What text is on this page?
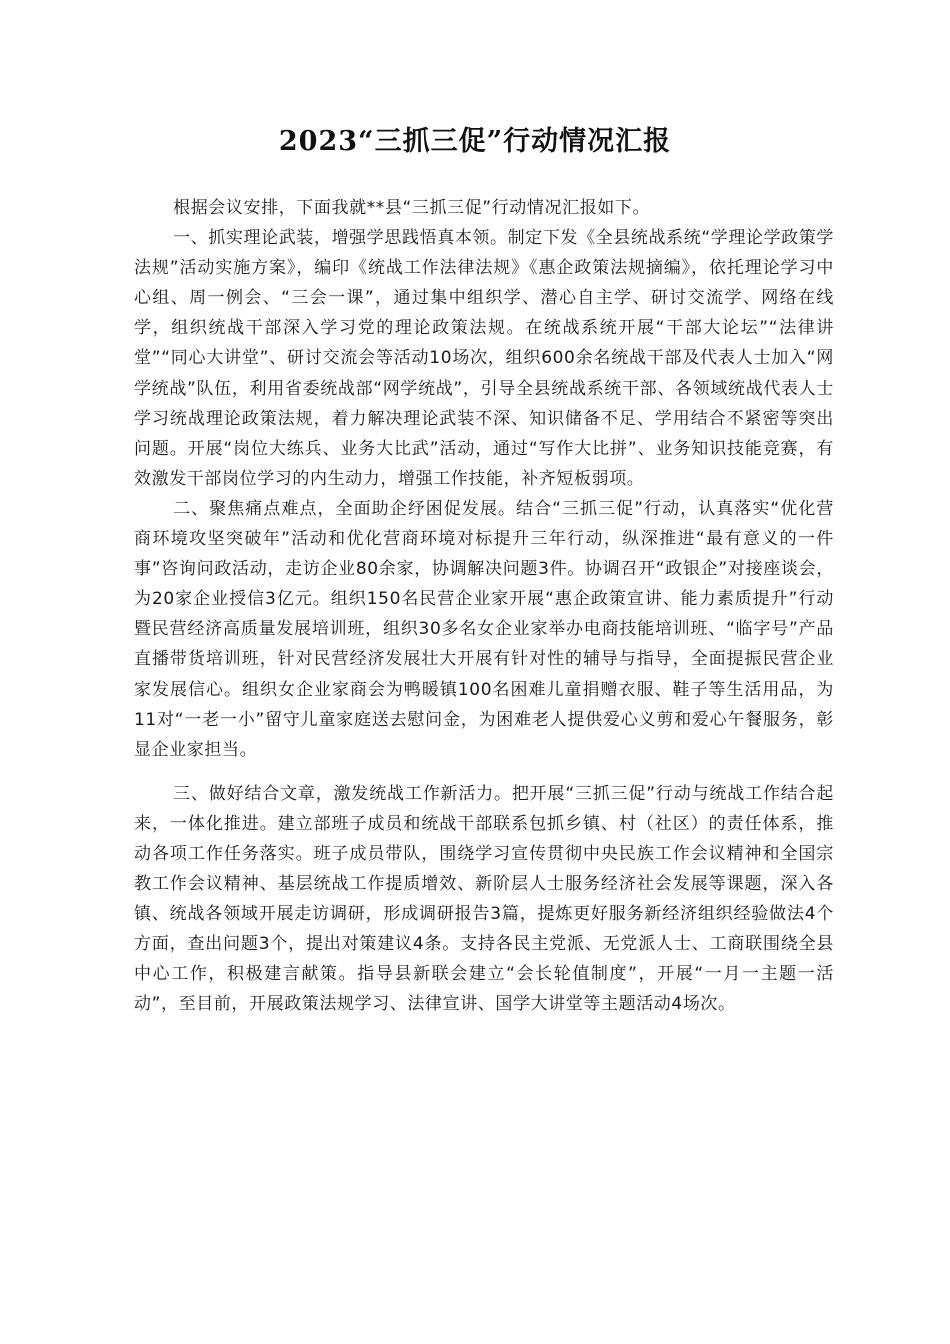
2023“三抓三促”行动情况汇报

根据会议安排，下面我就**县“三抓三促”行动情况汇报如下。

一、抓实理论武装，增强学思践悟真本领。制定下发《全县统战系统“学理论学政策学法规”活动实施方案》，编印《统战工作法律法规》《惠企政策法规摘编》，依托理论学习中心组、周一例会、“三会一课”，通过集中组织学、潜心自主学、研讨交流学、网络在线学，组织统战干部深入学习党的理论政策法规。在统战系统开展“干部大论坛”“法律讲堂”“同心大讲堂”、研讨交流会等活动10场次，组织600余名统战干部及代表人士加入“网学统战”队伍，利用省委统战部“网学统战”，引导全县统战系统干部、各领域统战代表人士学习统战理论政策法规，着力解决理论武装不深、知识储备不足、学用结合不紧密等突出问题。开展“岗位大练兵、业务大比武”活动，通过“写作大比拼”、业务知识技能竞赛，有效激发干部岗位学习的内生动力，增强工作技能，补齐短板弱项。

二、聚焦痛点难点，全面助企纾困促发展。结合“三抓三促”行动，认真落实“优化营商环境攻坚突破年”活动和优化营商环境对标提升三年行动，纵深推进“最有意义的一件事”咨询问政活动，走访企业80余家，协调解决问题3件。协调召开“政银企”对接座谈会，为20家企业授信3亿元。组织150名民营企业家开展“惠企政策宣讲、能力素质提升”行动暨民营经济高质量发展培训班，组织30多名女企业家举办电商技能培训班、“临字号”产品直播带货培训班，针对民营经济发展壮大开展有针对性的辅导与指导，全面提振民营企业家发展信心。组织女企业家商会为鸭暖镇100名困难儿童捐赠衣服、鞋子等生活用品，为11对“一老一小”留守儿童家庭送去慰问金，为困难老人提供爱心义剪和爱心午餐服务，彰显企业家担当。

三、做好结合文章，激发统战工作新活力。把开展“三抓三促”行动与统战工作结合起来，一体化推进。建立部班子成员和统战干部联系包抓乡镇、村（社区）的责任体系，推动各项工作任务落实。班子成员带队，围绕学习宣传贯彻中央民族工作会议精神和全国宗教工作会议精神、基层统战工作提质增效、新阶层人士服务经济社会发展等课题，深入各镇、统战各领域开展走访调研，形成调研报告3篇，提炼更好服务新经济组织经验做法4个方面，查出问题3个，提出对策建议4条。支持各民主党派、无党派人士、工商联围绕全县中心工作，积极建言献策。指导县新联会建立“会长轮值制度”，开展“一月一主题一活动”，至目前，开展政策法规学习、法律宣讲、国学大讲堂等主题活动4场次。
